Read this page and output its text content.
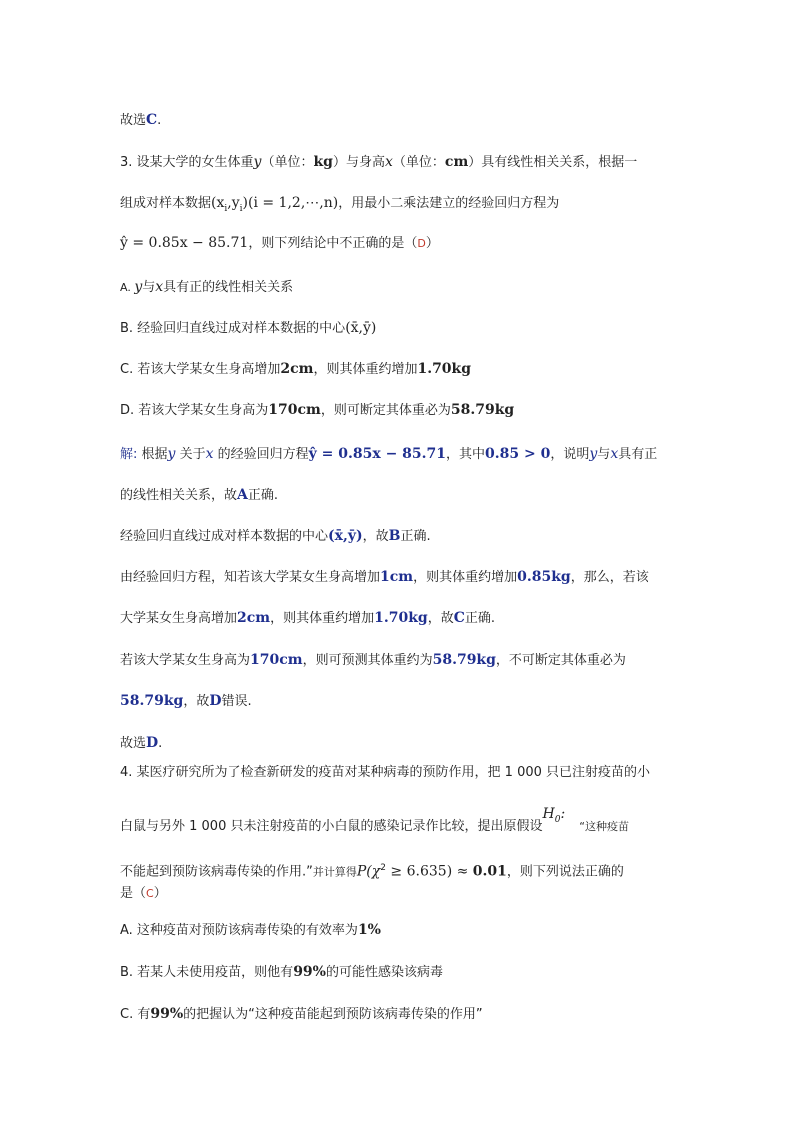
故选C.
3. 设某大学的女生体重y（单位：kg）与身高x（单位：cm）具有线性相关关系，根据一
组成对样本数据$(x_i,y_i)(i$ = 1,2,⋯,n)，用最小二乘法建立的经验回归方程为
ŷ = 0.85x − 85.71，则下列结论中不正确的是（D）
A. y与x具有正的线性相关关系
B. 经验回归直线过成对样本数据的中心(x̄,ȳ)
C. 若该大学某女生身高增加2cm，则其体重约增加1.70kg
D. 若该大学某女生身高为170cm，则可断定其体重必为58.79kg
解: 根据y 关于x 的经验回归方程ŷ = 0.85x − 85.71，其中0.85 > 0，说明y与x具有正
的线性相关关系，故A正确.
经验回归直线过成对样本数据的中心(x̄,ȳ)，故B正确.
由经验回归方程，知若该大学某女生身高增加1cm，则其体重约增加0.85kg，那么，若该
大学某女生身高增加2cm，则其体重约增加1.70kg，故C正确.
若该大学某女生身高为170cm，则可预测其体重约为58.79kg，不可断定其体重必为
58.79kg，故D错误.
故选D.
4. 某医疗研究所为了检查新研发的疫苗对某种病毒的预防作用，把 1 000 只已注射疫苗的小
白鼠与另外 1 000 只未注射疫苗的小白鼠的感染记录作比较，提出原假设$H_0$: “这种疫苗
不能起到预防该病毒传染的作用.”并计算得$P(\chi^2 \ge 6.635) \approx 0.01$，则下列说法正确的
是（C）
A. 这种疫苗对预防该病毒传染的有效率为1%
B. 若某人未使用疫苗，则他有99%的可能性感染该病毒
C. 有99%的把握认为“这种疫苗能起到预防该病毒传染的作用”
